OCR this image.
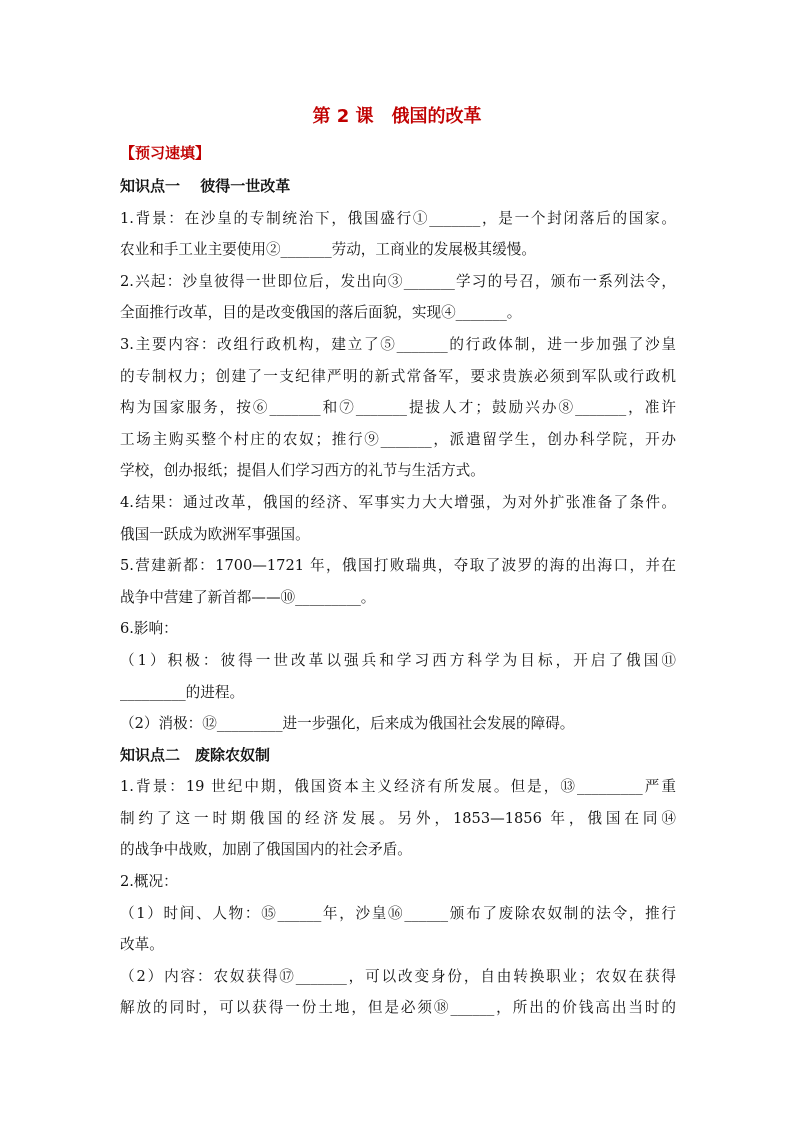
第 2 课　俄国的改革
【预习速填】
知识点一　 彼得一世改革
1.背景：在沙皇的专制统治下，俄国盛行①_______，是一个封闭落后的国家。
农业和手工业主要使用②_______劳动，工商业的发展极其缓慢。
2.兴起：沙皇彼得一世即位后，发出向③_______学习的号召，颁布一系列法令，
全面推行改革，目的是改变俄国的落后面貌，实现④_______。
3.主要内容：改组行政机构，建立了⑤_______的行政体制，进一步加强了沙皇
的专制权力；创建了一支纪律严明的新式常备军，要求贵族必须到军队或行政机
构为国家服务，按⑥_______和⑦_______提拔人才；鼓励兴办⑧_______，准许
工场主购买整个村庄的农奴；推行⑨_______，派遣留学生，创办科学院，开办
学校，创办报纸；提倡人们学习西方的礼节与生活方式。
4.结果：通过改革，俄国的经济、军事实力大大增强，为对外扩张准备了条件。
俄国一跃成为欧洲军事强国。
5.营建新都：1700—1721 年，俄国打败瑞典，夺取了波罗的海的出海口，并在
战争中营建了新首都——⑩_________。
6.影响：
（1）积极：彼得一世改革以强兵和学习西方科学为目标，开启了俄国⑪
_________的进程。
（2）消极：⑫_________进一步强化，后来成为俄国社会发展的障碍。
知识点二　废除农奴制
1.背景：19 世纪中期，俄国资本主义经济有所发展。但是，⑬_________严重
制约了这一时期俄国的经济发展。另外，1853—1856 年，俄国在同⑭
的战争中战败，加剧了俄国国内的社会矛盾。
2.概况：
（1）时间、人物：⑮______年，沙皇⑯______颁布了废除农奴制的法令，推行
改革。
（2）内容：农奴获得⑰_______，可以改变身份，自由转换职业；农奴在获得
解放的同时，可以获得一份土地，但是必须⑱______，所出的价钱高出当时的
